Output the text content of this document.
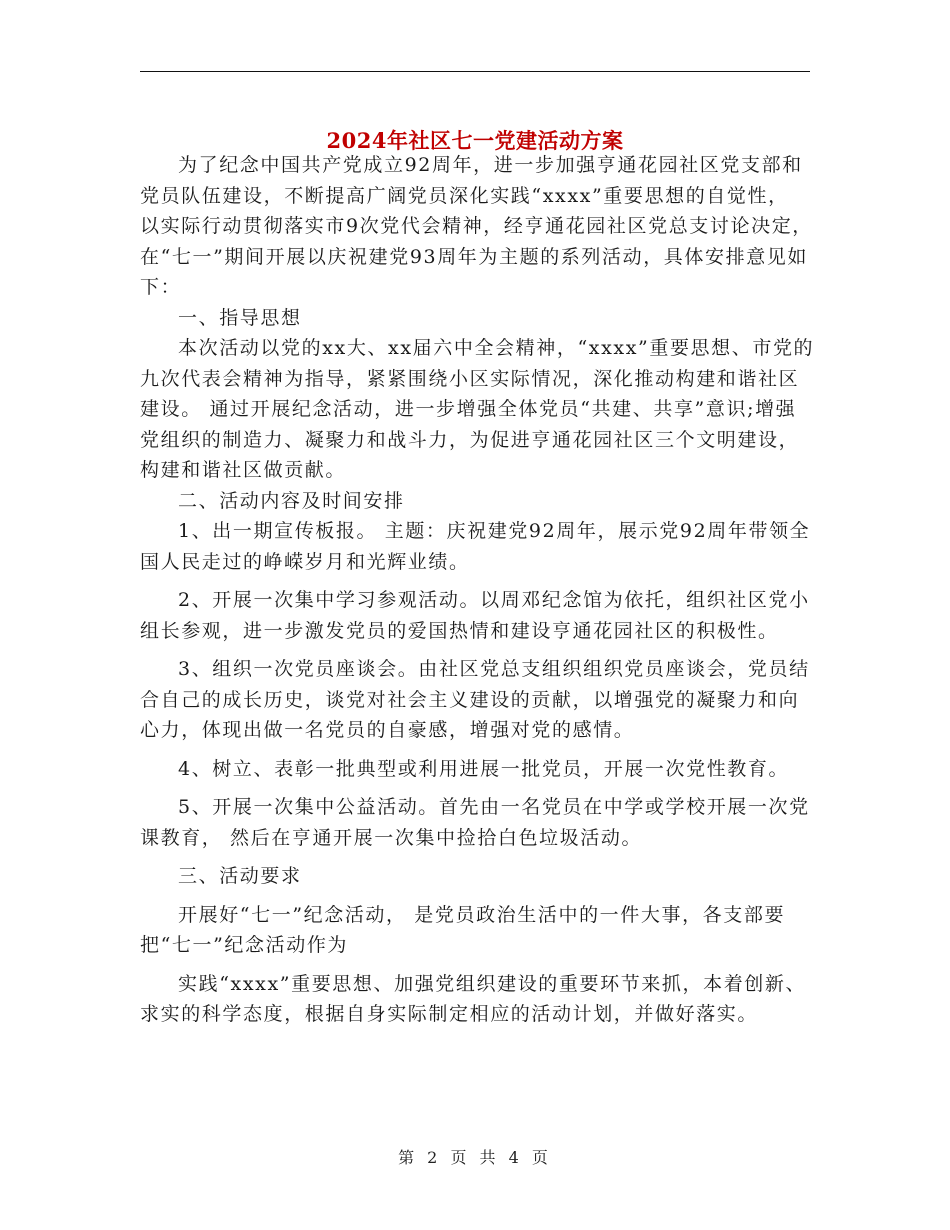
2024年社区七一党建活动方案

为了纪念中国共产党成立92周年，进一步加强亨通花园社区党支部和党员队伍建设，不断提高广阔党员深化实践“xxxx”重要思想的自觉性， 以实际行动贯彻落实市9次党代会精神，经亨通花园社区党总支讨论决定，在“七一”期间开展以庆祝建党93周年为主题的系列活动，具体安排意见如下：

一、指导思想

本次活动以党的xx大、xx届六中全会精神，“xxxx”重要思想、市党的九次代表会精神为指导，紧紧围绕小区实际情况，深化推动构建和谐社区建设。 通过开展纪念活动，进一步增强全体党员“共建、共享”意识;增强党组织的制造力、凝聚力和战斗力，为促进亨通花园社区三个文明建设，构建和谐社区做贡献。

二、活动内容及时间安排

1、出一期宣传板报。 主题：庆祝建党92周年，展示党92周年带领全国人民走过的峥嵘岁月和光辉业绩。

2、开展一次集中学习参观活动。以周邓纪念馆为依托，组织社区党小组长参观，进一步激发党员的爱国热情和建设亨通花园社区的积极性。

3、组织一次党员座谈会。由社区党总支组织组织党员座谈会，党员结合自己的成长历史，谈党对社会主义建设的贡献，以增强党的凝聚力和向心力，体现出做一名党员的自豪感，增强对党的感情。

4、树立、表彰一批典型或利用进展一批党员，开展一次党性教育。

5、开展一次集中公益活动。首先由一名党员在中学或学校开展一次党课教育， 然后在亨通开展一次集中捡拾白色垃圾活动。

三、活动要求

开展好“七一”纪念活动， 是党员政治生活中的一件大事，各支部要把“七一”纪念活动作为

实践“xxxx”重要思想、加强党组织建设的重要环节来抓，本着创新、求实的科学态度，根据自身实际制定相应的活动计划，并做好落实。

第 2 页 共 4 页
